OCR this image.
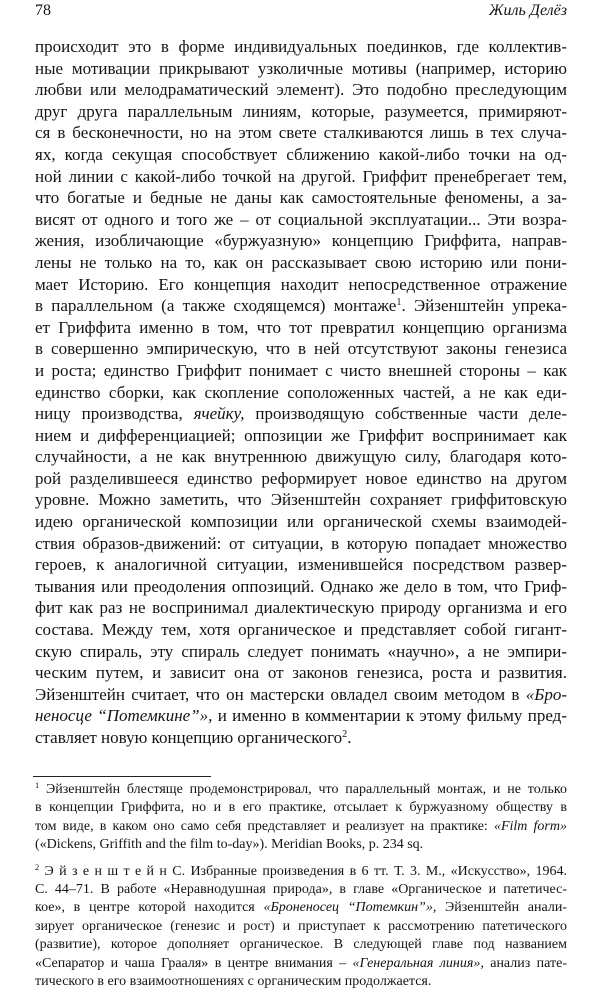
78	Жиль Делёз
происходит это в форме индивидуальных поединков, где коллектив-
ные мотивации прикрывают узколичные мотивы (например, историю
любви или мелодраматический элемент). Это подобно преследующим
друг друга параллельным линиям, которые, разумеется, примиряют-
ся в бесконечности, но на этом свете сталкиваются лишь в тех случа-
ях, когда секущая способствует сближению какой-либо точки на од-
ной линии с какой-либо точкой на другой. Гриффит пренебрегает тем,
что богатые и бедные не даны как самостоятельные феномены, а за-
висят от одного и того же – от социальной эксплуатации... Эти возра-
жения, изобличающие «буржуазную» концепцию Гриффита, направ-
лены не только на то, как он рассказывает свою историю или пони-
мает Историю. Его концепция находит непосредственное отражение
в параллельном (а также сходящемся) монтаже$^1$. Эйзенштейн упрека-
ет Гриффита именно в том, что тот превратил концепцию организма
в совершенно эмпирическую, что в ней отсутствуют законы генезиса
и роста; единство Гриффит понимает с чисто внешней стороны – как
единство сборки, как скопление соположенных частей, а не как еди-
ницу производства, ячейку, производящую собственные части деле-
нием и дифференциацией; оппозиции же Гриффит воспринимает как
случайности, а не как внутреннюю движущую силу, благодаря кото-
рой разделившееся единство реформирует новое единство на другом
уровне. Можно заметить, что Эйзенштейн сохраняет гриффитовскую
идею органической композиции или органической схемы взаимодей-
ствия образов-движений: от ситуации, в которую попадает множество
героев, к аналогичной ситуации, изменившейся посредством развер-
тывания или преодоления оппозиций. Однако же дело в том, что Гриф-
фит как раз не воспринимал диалектическую природу организма и его
состава. Между тем, хотя органическое и представляет собой гигант-
скую спираль, эту спираль следует понимать «научно», а не эмпири-
ческим путем, и зависит она от законов генезиса, роста и развития.
Эйзенштейн считает, что он мастерски овладел своим методом в «Бро-
неносце “Потемкине”», и именно в комментарии к этому фильму пред-
ставляет новую концепцию органического$^2$.
$^1$ Эйзенштейн блестяще продемонстрировал, что параллельный монтаж, и не только
в концепции Гриффита, но и в его практике, отсылает к буржуазному обществу в
том виде, в каком оно само себя представляет и реализует на практике: «Film form»
(«Dickens, Griffith and the film to-day»). Meridian Books, p. 234 sq.
$^2$ Э й з е н ш т е й н С. Избранные произведения в 6 тт. Т. 3. М., «Искусство», 1964.
С. 44–71. В работе «Неравнодушная природа», в главе «Органическое и патетичес-
кое», в центре которой находится «Броненосец “Потемкин”», Эйзенштейн анали-
зирует органическое (генезис и рост) и приступает к рассмотрению патетического
(развитие), которое дополняет органическое. В следующей главе под названием
«Сепаратор и чаша Грааля» в центре внимания – «Генеральная линия», анализ пате-
тического в его взаимоотношениях с органическим продолжается.
